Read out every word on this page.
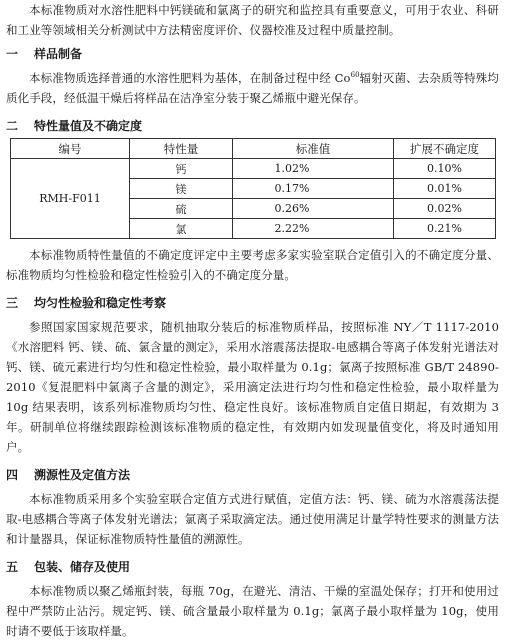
本标准物质对水溶性肥料中钙镁硫和氯离子的研究和监控具有重要意义，可用于农业、科研和工业等领域相关分析测试中方法精密度评价、仪器校准及过程中质量控制。

一 样品制备

本标准物质选择普通的水溶性肥料为基体，在制备过程中经 Co$^{60}$辐射灭菌、去杂质等特殊均质化手段，经低温干燥后将样品在洁净室分装于聚乙烯瓶中避光保存。

二 特性量值及不确定度
编号	特性量	标准值	扩展不确定度
RMH-F011	钙	1.02%	0.10%
	镁	0.17%	0.01%
	硫	0.26%	0.02%
	氯	2.22%	0.21%

本标准物质特性量值的不确定度评定中主要考虑多家实验室联合定值引入的不确定度分量、标准物质均匀性检验和稳定性检验引入的不确定度分量。

三 均匀性检验和稳定性考察

参照国家国家规范要求，随机抽取分装后的标准物质样品，按照标准 NY／T 1117-2010《水溶肥料 钙、镁、硫、氯含量的测定》，采用水溶震荡法提取-电感耦合等离子体发射光谱法对钙、镁、硫元素进行均匀性和稳定性检验，最小取样量为 0.1g；氯离子按照标准 GB/T 24890-2010《复混肥料中氯离子含量的测定》，采用滴定法进行均匀性和稳定性检验，最小取样量为 10g 结果表明，该系列标准物质均匀性、稳定性良好。该标准物质自定值日期起，有效期为 3 年。研制单位将继续跟踪检测该标准物质的稳定性，有效期内如发现量值变化，将及时通知用户。

四 溯源性及定值方法

本标准物质采用多个实验室联合定值方式进行赋值，定值方法：钙、镁、硫为水溶震荡法提取-电感耦合等离子体发射光谱法；氯离子采取滴定法。通过使用满足计量学特性要求的测量方法和计量器具，保证标准物质特性量值的溯源性。

五 包装、储存及使用

本标准物质以聚乙烯瓶封装，每瓶 70g，在避光、清洁、干燥的室温处保存；打开和使用过程中严禁防止沾污。规定钙、镁、硫含量最小取样量为 0.1g；氯离子最小取样量为 10g，使用时请不要低于该取样量。
